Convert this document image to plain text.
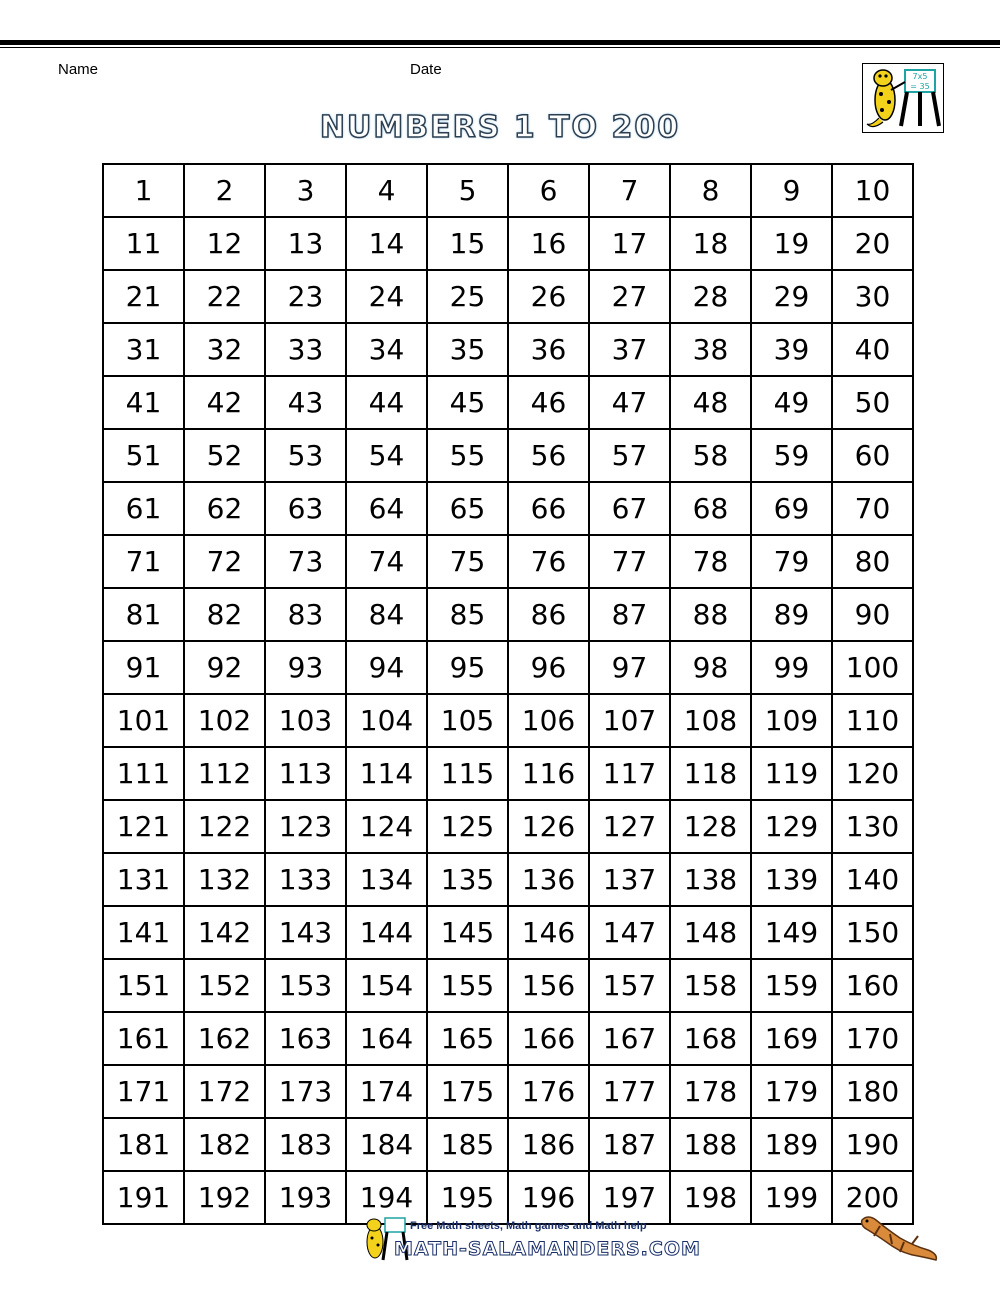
Name	Date	7x5
= 35
NUMBERS 1 TO 200
1	2	3	4	5	6	7	8	9	10
11	12	13	14	15	16	17	18	19	20
21	22	23	24	25	26	27	28	29	30
31	32	33	34	35	36	37	38	39	40
41	42	43	44	45	46	47	48	49	50
51	52	53	54	55	56	57	58	59	60
61	62	63	64	65	66	67	68	69	70
71	72	73	74	75	76	77	78	79	80
81	82	83	84	85	86	87	88	89	90
91	92	93	94	95	96	97	98	99	100
101	102	103	104	105	106	107	108	109	110
111	112	113	114	115	116	117	118	119	120
121	122	123	124	125	126	127	128	129	130
131	132	133	134	135	136	137	138	139	140
141	142	143	144	145	146	147	148	149	150
151	152	153	154	155	156	157	158	159	160
161	162	163	164	165	166	167	168	169	170
171	172	173	174	175	176	177	178	179	180
181	182	183	184	185	186	187	188	189	190
191	192	193	194	195	196	197	198	199	200
Free Math sheets, Math games and Math help
MATH-SALAMANDERS.COM
